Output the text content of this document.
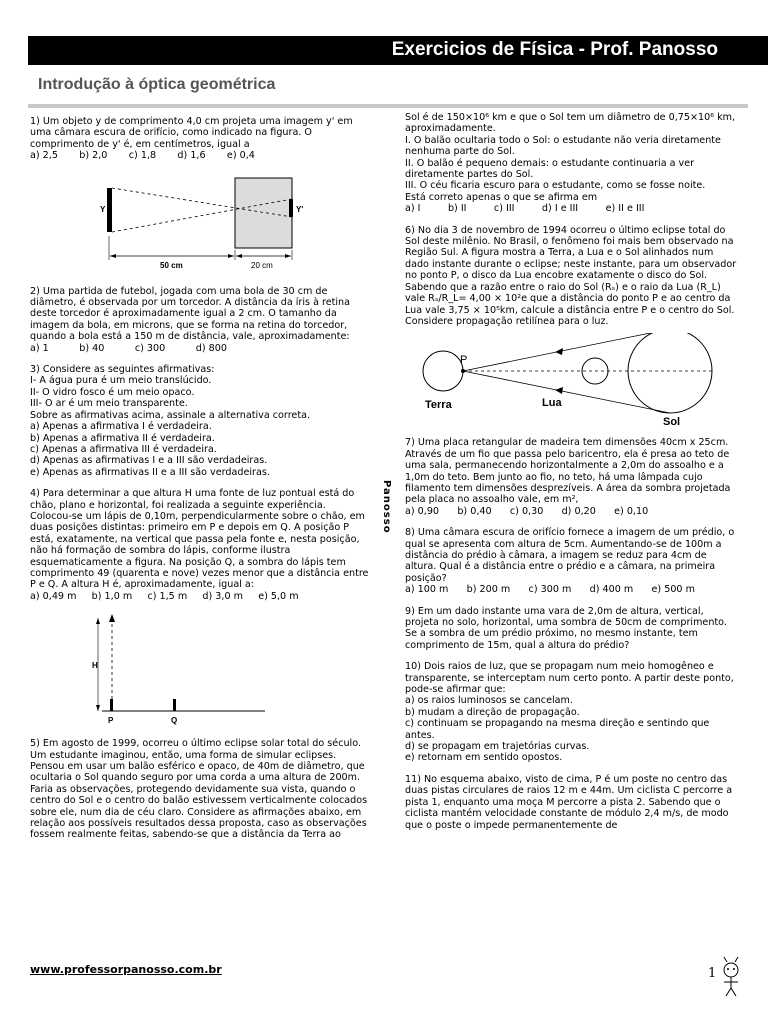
Exercicios de Física - Prof. Panosso
Introdução à óptica geométrica

1) Um objeto y de comprimento 4,0 cm projeta uma imagem y' em uma câmara escura de orifício, como indicado na figura. O comprimento de y' é, em centímetros, igual a

a) 2,5       b) 2,0       c) 1,8       d) 1,6       e) 0,4
Y	Y'
50 cm	20 cm

2) Uma partida de futebol, jogada com uma bola de 30 cm de diâmetro, é observada por um torcedor. A distância da íris à retina deste torcedor é aproximadamente igual a 2 cm. O tamanho da imagem da bola, em microns, que se forma na retina do torcedor, quando a bola está a 150 m de distância, vale, aproximadamente:

a) 1          b) 40          c) 300          d) 800

3) Considere as seguintes afirmativas:
I- A água pura é um meio translúcido.
II- O vidro fosco é um meio opaco.
III- O ar é um meio transparente.
Sobre as afirmativas acima, assinale a alternativa correta.
a) Apenas a afirmativa I é verdadeira.
b) Apenas a afirmativa II é verdadeira.
c) Apenas a afirmativa III é verdadeira.
d) Apenas as afirmativas I e a III são verdadeiras.
e) Apenas as afirmativas II e a III são verdadeiras.

4) Para determinar a que altura H uma fonte de luz pontual está do chão, plano e horizontal, foi realizada a seguinte experiência. Colocou-se um lápis de 0,10m, perpendicularmente sobre o chão, em duas posições distintas: primeiro em P e depois em Q. A posição P está, exatamente, na vertical que passa pela fonte e, nesta posição, não há formação de sombra do lápis, conforme ilustra esquematicamente a figura. Na posição Q, a sombra do lápis tem comprimento 49 (quarenta e nove) vezes menor que a distância entre P e Q. A altura H é, aproximadamente, igual a:

a) 0,49 m     b) 1,0 m     c) 1,5 m     d) 3,0 m     e) 5,0 m
H
P	Q

5) Em agosto de 1999, ocorreu o último eclipse solar total do século. Um estudante imaginou, então, uma forma de simular eclipses. Pensou em usar um balão esférico e opaco, de 40m de diâmetro, que ocultaria o Sol quando seguro por uma corda a uma altura de 200m. Faria as observações, protegendo devidamente sua vista, quando o centro do Sol e o centro do balão estivessem verticalmente colocados sobre ele, num dia de céu claro. Considere as afirmações abaixo, em relação aos possíveis resultados dessa proposta, caso as observações fossem realmente feitas, sabendo-se que a distância da Terra ao

Panosso

Sol é de 150×10⁶ km e que o Sol tem um diâmetro de 0,75×10⁶ km, aproximadamente.
I. O balão ocultaria todo o Sol: o estudante não veria diretamente nenhuma parte do Sol.
II. O balão é pequeno demais: o estudante continuaria a ver diretamente partes do Sol.
III. O céu ficaria escuro para o estudante, como se fosse noite.
Está correto apenas o que se afirma em

a) I         b) II         c) III         d) I e III         e) II e III

6) No dia 3 de novembro de 1994 ocorreu o último eclipse total do Sol deste milênio. No Brasil, o fenômeno foi mais bem observado na Região Sul. A figura mostra a Terra, a Lua e o Sol alinhados num dado instante durante o eclipse; neste instante, para um observador no ponto P, o disco da Lua encobre exatamente o disco do Sol. Sabendo que a razão entre o raio do Sol (Rₛ) e o raio da Lua (R_L) vale Rₛ/R_L= 4,00 × 10²e que a distância do ponto P e ao centro da Lua vale 3,75 × 10⁵km, calcule a distância entre P e o centro do Sol. Considere propagação retilínea para o luz.

P
Terra	Lua
Sol

7) Uma placa retangular de madeira tem dimensões 40cm x 25cm. Através de um fio que passa pelo baricentro, ela é presa ao teto de uma sala, permanecendo horizontalmente a 2,0m do assoalho e a 1,0m do teto. Bem junto ao fio, no teto, há uma lâmpada cujo filamento tem dimensões desprezíveis. A área da sombra projetada pela placa no assoalho vale, em m²,

a) 0,90      b) 0,40      c) 0,30      d) 0,20      e) 0,10

8) Uma câmara escura de orifício fornece a imagem de um prédio, o qual se apresenta com altura de 5cm. Aumentando-se de 100m a distância do prédio à câmara, a imagem se reduz para 4cm de altura. Qual é a distância entre o prédio e a câmara, na primeira posição?

a) 100 m      b) 200 m      c) 300 m      d) 400 m      e) 500 m

9) Em um dado instante uma vara de 2,0m de altura, vertical, projeta no solo, horizontal, uma sombra de 50cm de comprimento. Se a sombra de um prédio próximo, no mesmo instante, tem comprimento de 15m, qual a altura do prédio?

10) Dois raios de luz, que se propagam num meio homogêneo e transparente, se interceptam num certo ponto. A partir deste ponto, pode-se afirmar que:
a) os raios luminosos se cancelam.
b) mudam a direção de propagação.
c) continuam se propagando na mesma direção e sentindo que antes.
d) se propagam em trajetórias curvas.
e) retornam em sentido opostos.

11) No esquema abaixo, visto de cima, P é um poste no centro das duas pistas circulares de raios 12 m e 44m. Um ciclista C percorre a pista 1, enquanto uma moça M percorre a pista 2. Sabendo que o ciclista mantém velocidade constante de módulo 2,4 m/s, de modo que o poste o impede permanentemente de

www.professorpanosso.com.br	1
